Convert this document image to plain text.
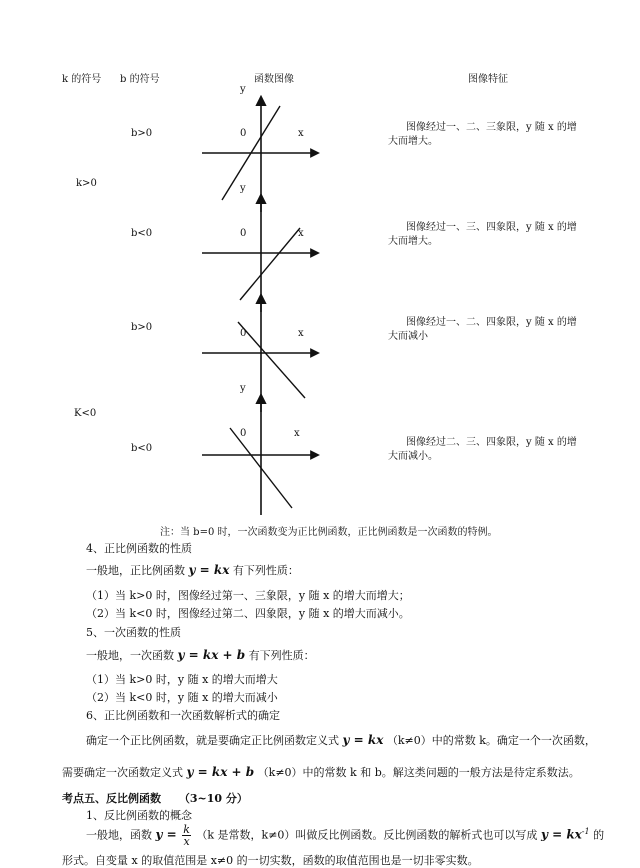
k 的符号 b 的符号	函数图像	图像特征
y
y
y
0
0
0
0
x
x
x
x
k>0
K<0
b>0
b<0
b>0
b<0
图像经过一、二、三象限，y 随 x 的增大而增大。
图像经过一、三、四象限，y 随 x 的增大而增大。
图像经过一、二、四象限，y 随 x 的增大而减小
图像经过二、三、四象限，y 随 x 的增大而减小。
注：当 b=0 时，一次函数变为正比例函数，正比例函数是一次函数的特例。
4、正比例函数的性质
一般地，正比例函数 y = kx 有下列性质：
（1）当 k>0 时，图像经过第一、三象限，y 随 x 的增大而增大；
（2）当 k<0 时，图像经过第二、四象限，y 随 x 的增大而减小。
5、一次函数的性质
一般地，一次函数 y = kx + b 有下列性质：
（1）当 k>0 时，y 随 x 的增大而增大
（2）当 k<0 时，y 随 x 的增大而减小
6、正比例函数和一次函数解析式的确定
确定一个正比例函数，就是要确定正比例函数定义式 y = kx （k≠0）中的常数 k。确定一个一次函数，
需要确定一次函数定义式 y = kx + b （k≠0）中的常数 k 和 b。解这类问题的一般方法是待定系数法。
考点五、反比例函数 （3~10 分）
1、反比例函数的概念
一般地，函数 $y = \frac{k}{x} (k$ 是常数，k≠0）叫做反比例函数。反比例函数的解析式也可以写成 $y = kx^{-1}$ 的
形式。自变量 x 的取值范围是 x≠0 的一切实数，函数的取值范围也是一切非零实数。
